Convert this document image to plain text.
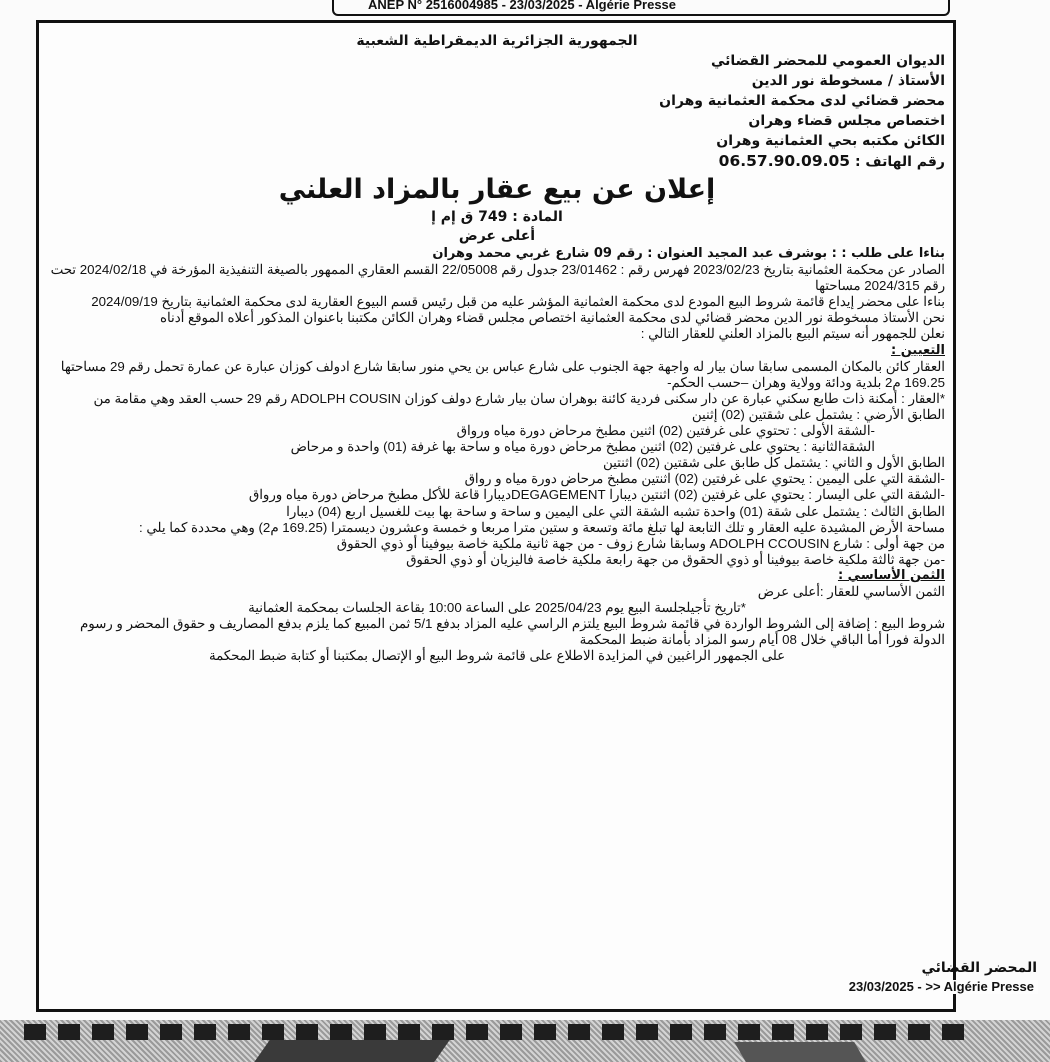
ANEP N° 2516004985 - 23/03/2025 - Algérie Presse

الجمهورية الجزائرية الديمقراطية الشعبية

الديوان العمومي للمحضر القضائي

الأستاذ / مسخوطة نور الدين

محضر قضائي لدى محكمة العثمانية وهران

اختصاص مجلس قضاء وهران

الكائن مكتبه بحي العثمانية وهران

رقم الهاتف : 06.57.90.09.05

إعلان عن بيع عقار بالمزاد العلني

المادة : 749 ق إم إ

أعلى عرض

بناءا على طلب : : بوشرف عبد المجيد العنوان : رقم 09 شارع غربي محمد وهران

الصادر عن محكمة العثمانية بتاريخ 2023/02/23 فهرس رقم : 23/01462 جدول رقم 22/05008 القسم العقاري الممهور بالصيغة التنفيذية المؤرخة في 2024/02/18 تحت رقم 2024/315 مساحتها

بناءا على محضر إيداع قائمة شروط البيع المودع لدى محكمة العثمانية المؤشر عليه من قبل رئيس قسم البيوع العقارية لدى محكمة العثمانية بتاريخ 2024/09/19

نحن الأستاذ مسخوطة نور الدين محضر قضائي لدى محكمة العثمانية اختصاص مجلس قضاء وهران الكائن مكتبنا باعنوان المذكور أعلاه الموقع أدناه

نعلن للجمهور أنه سيتم البيع بالمزاد العلني للعقار التالي :

التعيين :

العقار كائن بالمكان المسمى سابقا سان بيار له واجهة جهة الجنوب على شارع عباس بن يحي منور سابقا شارع ادولف كوزان عبارة عن عمارة تحمل رقم 29 مساحتها 169.25 م2 بلدية ودائة وولاية وهران –حسب الحكم-

*العقار : أمكنة ذات طابع سكني عبارة عن دار سكنى فردية كائنة بوهران سان بيار شارع دولف كوزان ADOLPH COUSIN رقم 29 حسب العقد وهي مقامة من

الطابق الأرضي : يشتمل على شقتين (02) إثنين

-الشقة الأولى : تحتوي على غرفتين (02) اثنين مطبخ مرحاض دورة مياه ورواق

الشقةالثانية : يحتوي على غرفتين (02) اثنين مطبخ مرحاض دورة مياه و ساحة بها غرفة (01) واحدة و مرحاض

الطابق الأول و الثاني : يشتمل كل طابق على شقتين (02) اثنتين

-الشقة التي على اليمين : يحتوي على غرفتين (02) اثنتين مطبخ مرحاض دورة مياه و رواق

-الشقة التي على اليسار : يحتوي على غرفتين (02) اثنتين ديبارا DEGAGEMENTديبارا قاعة للأكل مطبخ مرحاض دورة مياه ورواق

الطابق الثالث : يشتمل على شقة (01) واحدة تشبه الشقة التي على اليمين و ساحة و ساحة بها بيت للغسيل اربع (04) ديبارا

مساحة الأرض المشيدة عليه العقار و تلك التابعة لها تبلغ مائة وتسعة و ستين مترا مربعا و خمسة وعشرون ديسمترا (169.25 م2) وهي محددة كما يلي :

من جهة أولى : شارع ADOLPH CCOUSIN وسابقا شارع زوف - من جهة ثانية ملكية خاصة بيوفينا أو ذوي الحقوق

-من جهة ثالثة ملكية خاصة بيوفينا أو ذوي الحقوق من جهة رابعة ملكية خاصة فاليزيان أو ذوي الحقوق

الثمن الأساسي :

الثمن الأساسي للعقار :أعلى عرض

*تاريخ تأجيلجلسة البيع يوم 2025/04/23 على الساعة 10:00 بقاعة الجلسات بمحكمة العثمانية

شروط البيع : إضافة إلى الشروط الواردة في قائمة شروط البيع يلتزم الراسي عليه المزاد بدفع 5/1 ثمن المبيع كما يلزم بدفع المصاريف و حقوق المحضر و رسوم الدولة فورا أما الباقي خلال 08 أيام رسو المزاد بأمانة ضبط المحكمة

على الجمهور الراغبين في المزايدة الاطلاع على قائمة شروط البيع أو الإتصال بمكتبنا أو كتابة ضبط المحكمة

المحضر القضائي
23/03/2025 - >> Algérie Presse
